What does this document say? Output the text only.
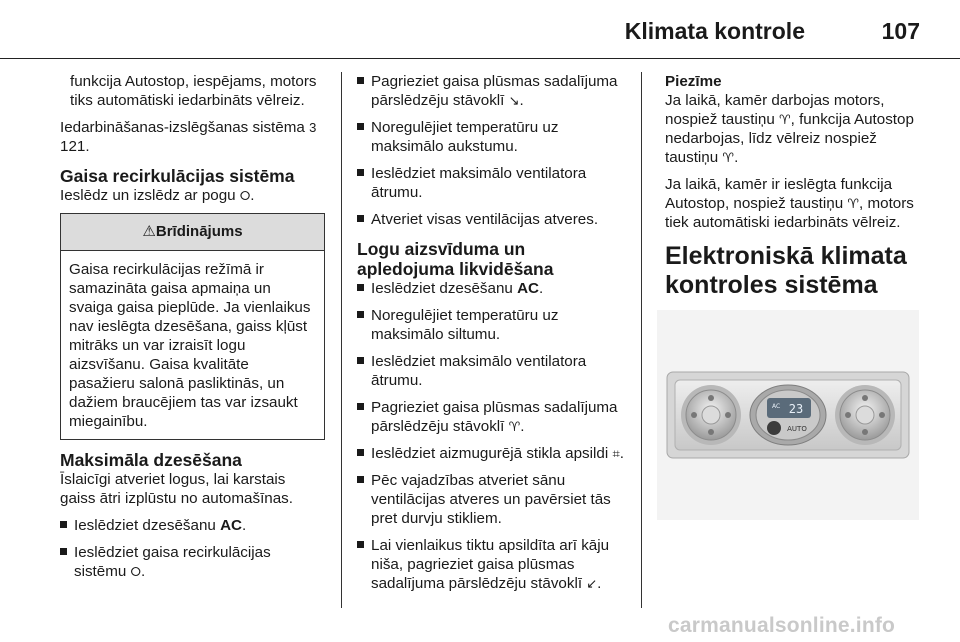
Klimata kontrole	107

funkcija Autostop, iespējams, motors tiks automātiski iedarbināts vēlreiz.

Iedarbināšanas-izslēgšanas sistēma 3 121.

Gaisa recirkulācijas sistēma

Ieslēdz un izslēdz ar pogu ⭘.

⚠Brīdinājums
Gaisa recirkulācijas režīmā ir samazināta gaisa apmaiņa un svaiga gaisa pieplūde. Ja vienlaikus nav ieslēgta dzesēšana, gaiss kļūst mitrāks un var izraisīt logu aizsvīšanu. Gaisa kvalitāte pasažieru salonā pasliktinās, un dažiem braucējiem tas var izsaukt miegainību.
Maksimāla dzesēšana

Īslaicīgi atveriet logus, lai karstais gaiss ātri izplūstu no automašīnas.

Ieslēdziet dzesēšanu AC.
Ieslēdziet gaisa recirkulācijas sistēmu ⭘.
Pagrieziet gaisa plūsmas sadalījuma pārslēdzēju stāvoklī ↘.
Noregulējiet temperatūru uz maksimālo aukstumu.
Ieslēdziet maksimālo ventilatora ātrumu.
Atveriet visas ventilācijas atveres.
Logu aizsvīduma un apledojuma likvidēšana
Ieslēdziet dzesēšanu AC.
Noregulējiet temperatūru uz maksimālo siltumu.
Ieslēdziet maksimālo ventilatora ātrumu.
Pagrieziet gaisa plūsmas sadalījuma pārslēdzēju stāvoklī ♈.
Ieslēdziet aizmugurējā stikla apsildi ⌗.
Pēc vajadzības atveriet sānu ventilācijas atveres un pavērsiet tās pret durvju stikliem.
Lai vienlaikus tiktu apsildīta arī kāju niša, pagrieziet gaisa plūsmas sadalījuma pārslēdzēju stāvoklī ↙.

Piezīme

Ja laikā, kamēr darbojas motors, nospiež taustiņu ♈, funkcija Autostop nedarbojas, līdz vēlreiz nospiež taustiņu ♈.

Ja laikā, kamēr ir ieslēgta funkcija Autostop, nospiež taustiņu ♈, motors tiek automātiski iedarbināts vēlreiz.

Elektroniskā klimata kontroles sistēma
23
AC
AUTO
carmanualsonline.info
